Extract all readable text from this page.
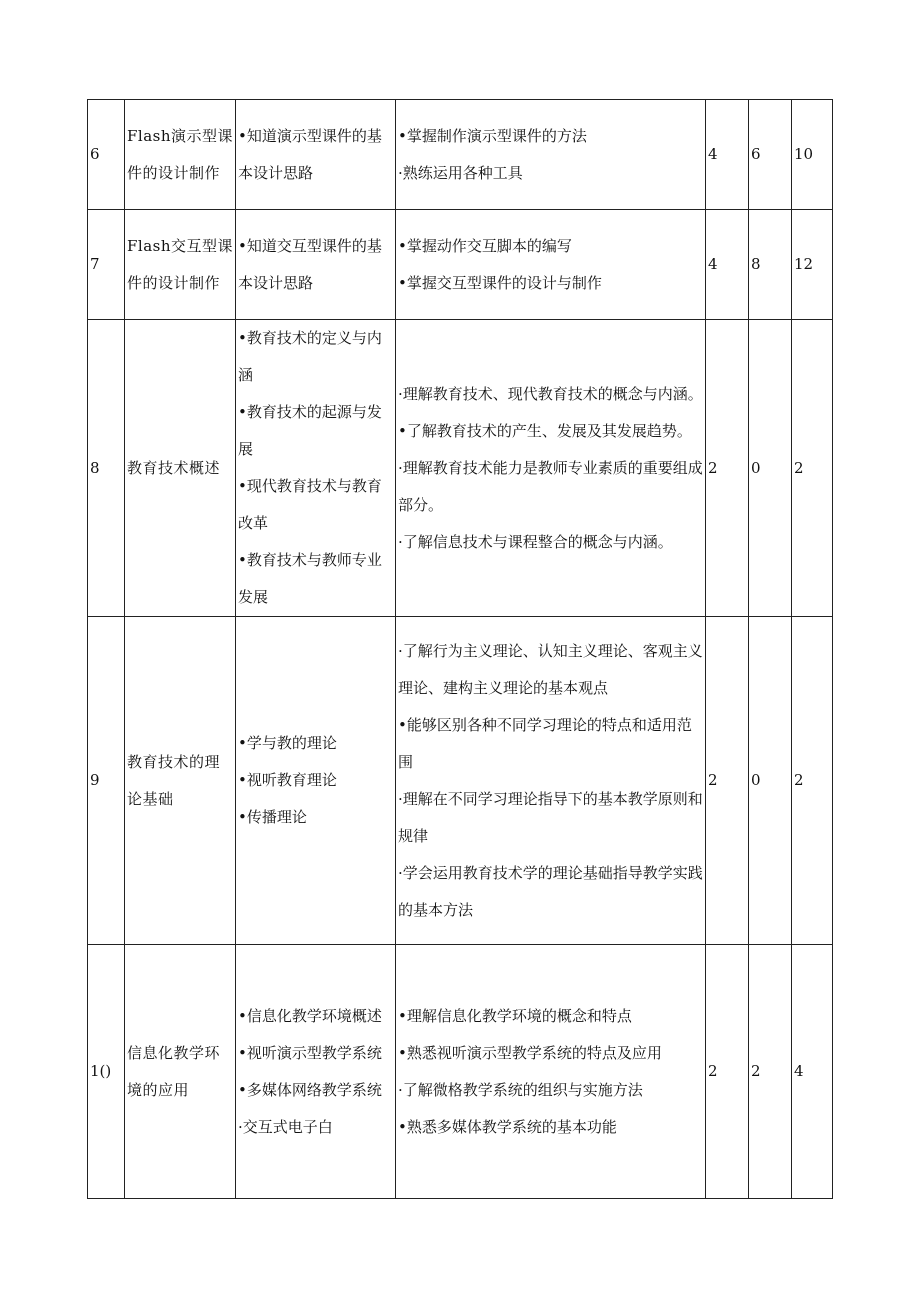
6	Flash演示型课件的设计制作	•知道演示型课件的基本设计思路	•掌握制作演示型课件的方法
·熟练运用各种工具	4	6	10
7	Flash交互型课件的设计制作	•知道交互型课件的基本设计思路	•掌握动作交互脚本的编写
•掌握交互型课件的设计与制作	4	8	12
8	教育技术概述	•教育技术的定义与内涵
•教育技术的起源与发展
•现代教育技术与教育改革
•教育技术与教师专业发展	·理解教育技术、现代教育技术的概念与内涵。
•了解教育技术的产生、发展及其发展趋势。
·理解教育技术能力是教师专业素质的重要组成部分。
·了解信息技术与课程整合的概念与内涵。	2	0	2
9	教育技术的理论基础	•学与教的理论
•视听教育理论
•传播理论	·了解行为主义理论、认知主义理论、客观主义理论、建构主义理论的基本观点
•能够区别各种不同学习理论的特点和适用范围
·理解在不同学习理论指导下的基本教学原则和规律
·学会运用教育技术学的理论基础指导教学实践的基本方法	2	0	2
1()	信息化教学环境的应用	•信息化教学环境概述
•视听演示型教学系统
•多媒体网络教学系统
·交互式电子白	•理解信息化教学环境的概念和特点
•熟悉视听演示型教学系统的特点及应用
·了解微格教学系统的组织与实施方法
•熟悉多媒体教学系统的基本功能	2	2	4
